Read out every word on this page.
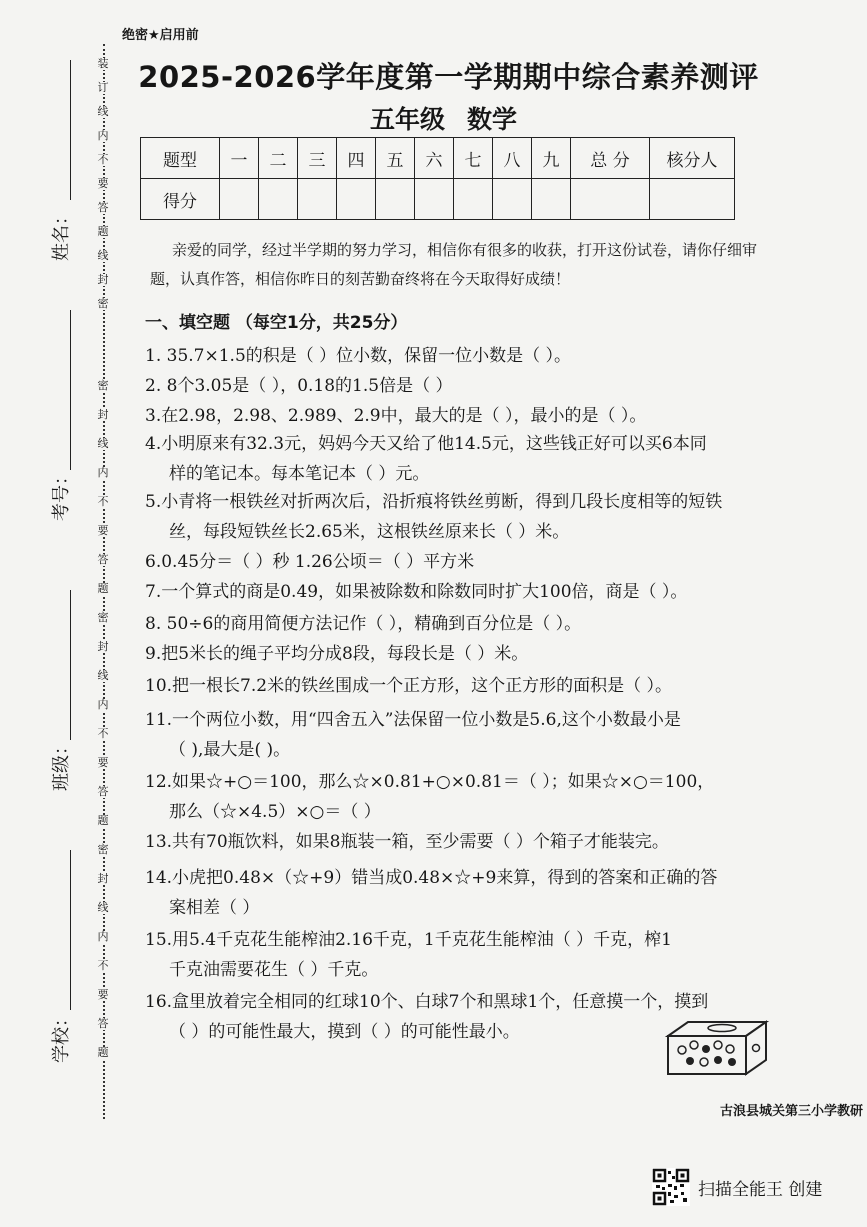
绝密★启用前
2025-2026学年度第一学期期中综合素养测评
五年级 数学
装
订
线
内
不
要
答
题
线
封
密
密
封
线
内
不
要
答
题
密
封
线
内
不
要
答
题
密
封
线
内
不
要
答
题
姓名：
考号：
班级：
学校：
题型	一	二	三	四	五	六	七	八	九	总 分	核分人
得分											
亲爱的同学，经过半学期的努力学习，相信你有很多的收获，打开这份试卷，请你仔细审题，认真作答，相信你昨日的刻苦勤奋终将在今天取得好成绩！
一、填空题 （每空1分，共25分）
1. 35.7×1.5的积是（ ）位小数，保留一位小数是（ ）。
2. 8个3.05是（ ），0.18的1.5倍是（ ）
3.在2.98，2.98、2.989、2.9中，最大的是（ ），最小的是（ ）。
4.小明原来有32.3元，妈妈今天又给了他14.5元，这些钱正好可以买6本同
样的笔记本。每本笔记本（ ）元。
5.小青将一根铁丝对折两次后，沿折痕将铁丝剪断，得到几段长度相等的短铁
丝，每段短铁丝长2.65米，这根铁丝原来长（ ）米。
6.0.45分＝（ ）秒 1.26公顷＝（ ）平方米
7.一个算式的商是0.49，如果被除数和除数同时扩大100倍，商是（ ）。
8. 50÷6的商用简便方法记作（ ），精确到百分位是（ ）。
9.把5米长的绳子平均分成8段，每段长是（ ）米。
10.把一根长7.2米的铁丝围成一个正方形，这个正方形的面积是（ ）。
11.一个两位小数，用“四舍五入”法保留一位小数是5.6,这个小数最小是
（ ),最大是( )。
12.如果☆+○＝100，那么☆×0.81+○×0.81＝（ ）；如果☆×○＝100，
那么（☆×4.5）×○＝（ ）
13.共有70瓶饮料，如果8瓶装一箱，至少需要（ ）个箱子才能装完。
14.小虎把0.48×（☆+9）错当成0.48×☆+9来算，得到的答案和正确的答
案相差（ ）
15.用5.4千克花生能榨油2.16千克，1千克花生能榨油（ ）千克，榨1
千克油需要花生（ ）千克。
16.盒里放着完全相同的红球10个、白球7个和黑球1个，任意摸一个，摸到
（ ）的可能性最大，摸到（ ）的可能性最小。
古浪县城关第三小学教研
扫描全能王 创建
